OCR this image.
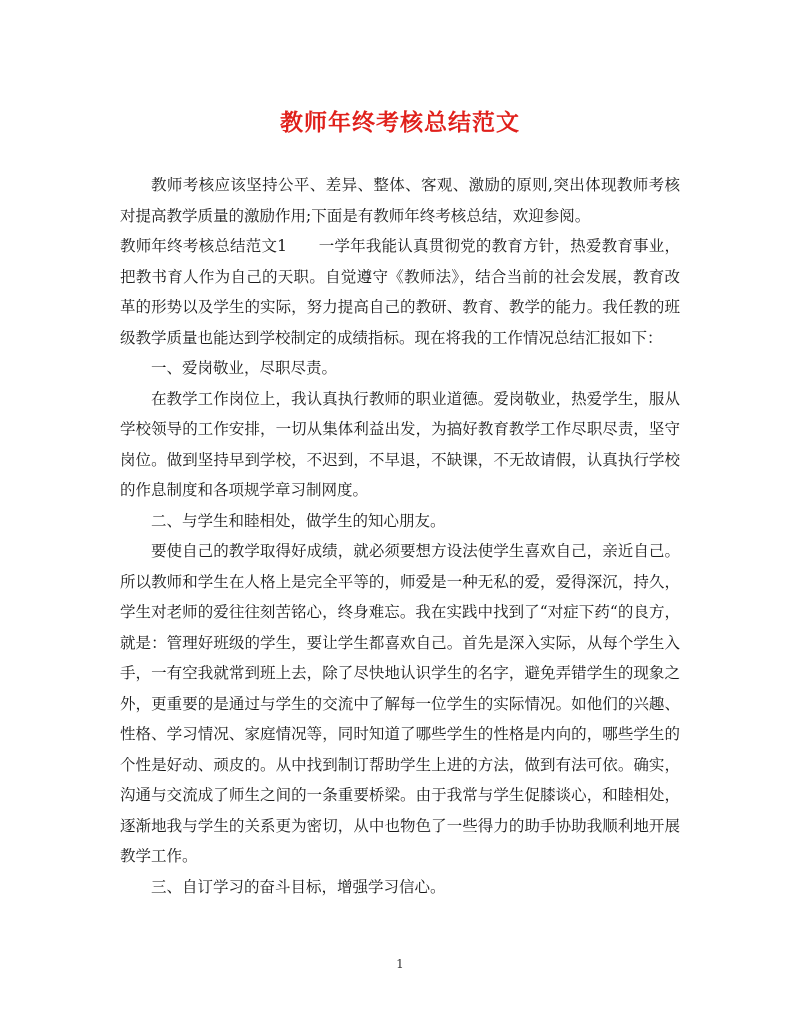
教师年终考核总结范文

教师考核应该坚持公平、差异、整体、客观、激励的原则,突出体现教师考核对提高教学质量的激励作用;下面是有教师年终考核总结，欢迎参阅。

教师年终考核总结范文1　　一学年我能认真贯彻党的教育方针，热爱教育事业，把教书育人作为自己的天职。自觉遵守《教师法》，结合当前的社会发展，教育改革的形势以及学生的实际，努力提高自己的教研、教育、教学的能力。我任教的班级教学质量也能达到学校制定的成绩指标。现在将我的工作情况总结汇报如下：

一、爱岗敬业，尽职尽责。

在教学工作岗位上，我认真执行教师的职业道德。爱岗敬业，热爱学生，服从学校领导的工作安排，一切从集体利益出发，为搞好教育教学工作尽职尽责，坚守岗位。做到坚持早到学校，不迟到，不早退，不缺课，不无故请假，认真执行学校的作息制度和各项规学章习制网度。

二、与学生和睦相处，做学生的知心朋友。

要使自己的教学取得好成绩，就必须要想方设法使学生喜欢自己，亲近自己。所以教师和学生在人格上是完全平等的，师爱是一种无私的爱，爱得深沉，持久，学生对老师的爱往往刻苦铭心，终身难忘。我在实践中找到了“对症下药“的良方，就是：管理好班级的学生，要让学生都喜欢自己。首先是深入实际，从每个学生入手，一有空我就常到班上去，除了尽快地认识学生的名字，避免弄错学生的现象之外，更重要的是通过与学生的交流中了解每一位学生的实际情况。如他们的兴趣、性格、学习情况、家庭情况等，同时知道了哪些学生的性格是内向的，哪些学生的个性是好动、顽皮的。从中找到制订帮助学生上进的方法，做到有法可依。确实，沟通与交流成了师生之间的一条重要桥梁。由于我常与学生促膝谈心，和睦相处，逐渐地我与学生的关系更为密切，从中也物色了一些得力的助手协助我顺利地开展教学工作。

三、自订学习的奋斗目标，增强学习信心。

1
